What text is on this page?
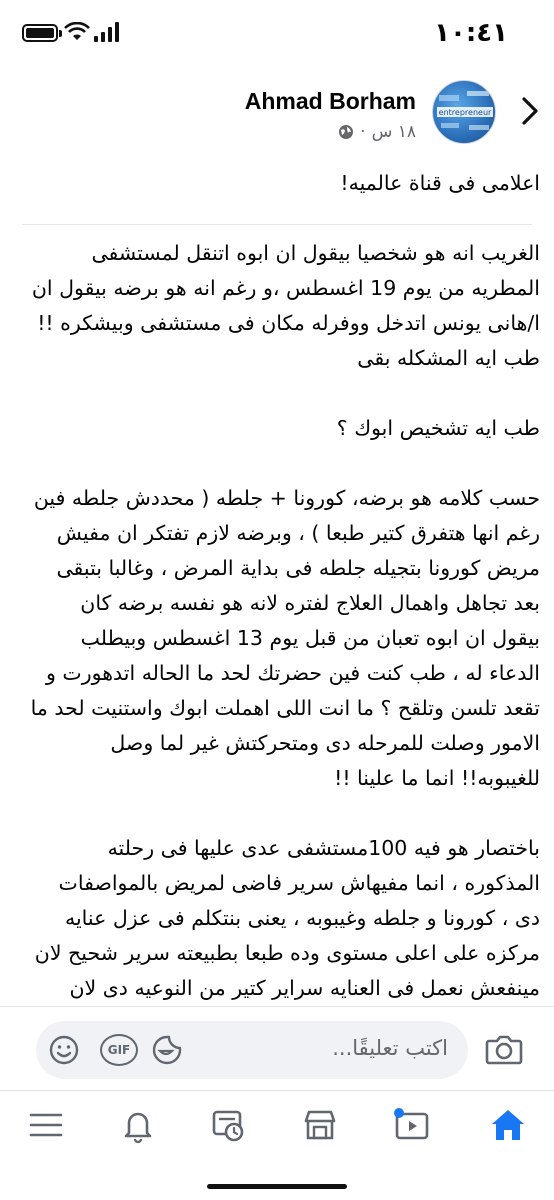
١٠:٤١
entrepreneur
Ahmad Borham
١٨ س
·

اعلامى فى قناة عالميه!

الغريب انه هو شخصيا بيقول ان ابوه اتنقل لمستشفى المطريه من يوم 19 اغسطس ،و رغم انه هو برضه بيقول ان ا/هانى يونس اتدخل ووفرله مكان فى مستشفى وبيشكره !! طب ايه المشكله بقى

طب ايه تشخيص ابوك ؟

حسب كلامه هو برضه، كورونا + جلطه ( محددش جلطه فين رغم انها هتفرق كتير طبعا ) ، وبرضه لازم تفتكر ان مفيش مريض كورونا بتجيله جلطه فى بداية المرض ، وغالبا بتبقى بعد تجاهل واهمال العلاج لفتره لانه هو نفسه برضه كان بيقول ان ابوه تعبان من قبل يوم 13 اغسطس وبيطلب الدعاء له ، طب كنت فين حضرتك لحد ما الحاله اتدهورت و تقعد تلسن وتلقح ؟ ما انت اللى اهملت ابوك واستنيت لحد ما الامور وصلت للمرحله دى ومتحركتش غير لما وصل للغيبوبه!! انما ما علينا !!

باختصار هو فيه 100مستشفى عدى عليها فى رحلته المذكوره ، انما مفيهاش سرير فاضى لمريض بالمواصفات دى ، كورونا و جلطه وغيبوبه ، يعنى بنتكلم فى عزل عنايه مركزه على اعلى مستوى وده طبعا بطبيعته سرير شحيح لان مينفعش نعمل فى العنايه سراير كتير من النوعيه دى لان

اكتب تعليقًا...
GIF
